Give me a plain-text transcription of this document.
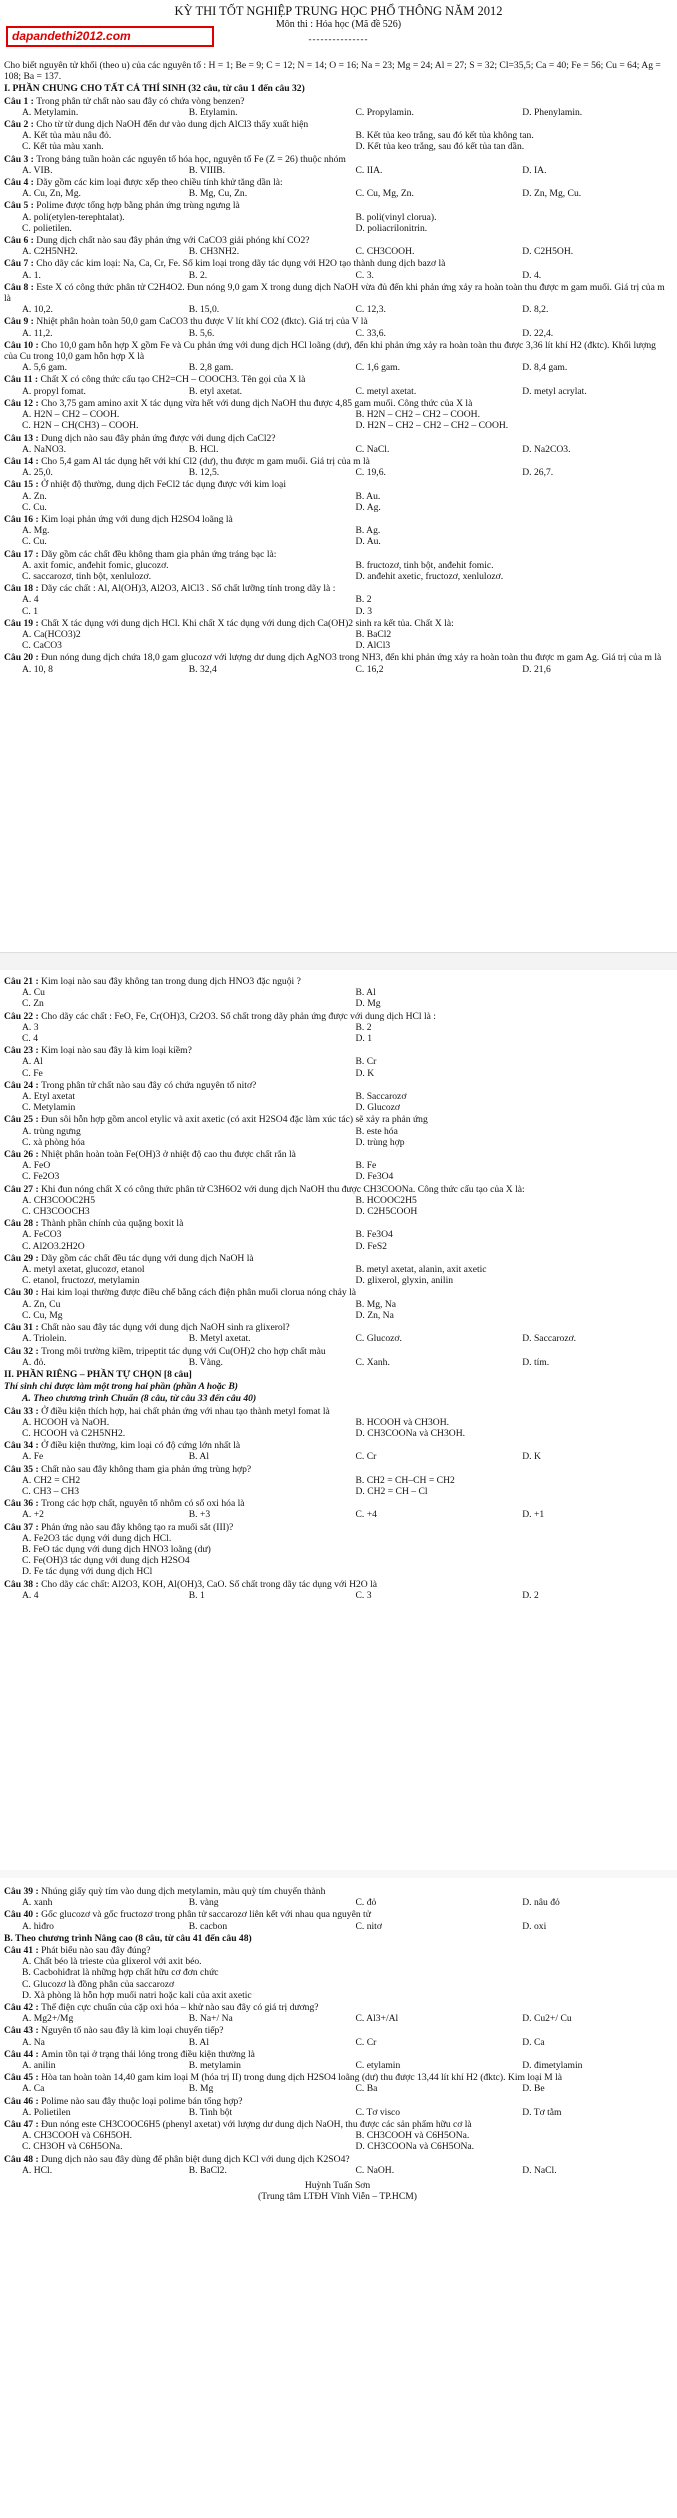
KỲ THI TỐT NGHIỆP TRUNG HỌC PHỔ THÔNG NĂM 2012
Môn thi : Hóa học (Mã đề 526)
---------------
dapandethi2012.com
Cho biết nguyên tử khối (theo u) của các nguyên tố : H = 1; Be = 9; C = 12; N = 14; O = 16; Na = 23; Mg = 24; Al = 27; S = 32; Cl=35,5; Ca = 40; Fe = 56; Cu = 64; Ag = 108; Ba = 137.
I. PHẦN CHUNG CHO TẤT CẢ THÍ SINH (32 câu, từ câu 1 đến câu 32)
Câu 1 : Trong phân tử chất nào sau đây có chứa vòng benzen?
A. Metylamin.	B. Etylamin.	C. Propylamin.	D. Phenylamin.
Câu 2 : Cho từ từ dung dịch NaOH đến dư vào dung dịch AlCl3 thấy xuất hiện
A. Kết tủa màu nâu đỏ.	B. Kết tủa keo trắng, sau đó kết tủa không tan.
C. Kết tủa màu xanh.	D. Kết tủa keo trắng, sau đó kết tủa tan dần.
Câu 3 : Trong bảng tuần hoàn các nguyên tố hóa học, nguyên tố Fe (Z = 26) thuộc nhóm
A. VIB.	B. VIIIB.	C. IIA.	D. IA.
Câu 4 : Dãy gồm các kim loại được xếp theo chiều tính khử tăng dần là:
A. Cu, Zn, Mg.	B. Mg, Cu, Zn.	C. Cu, Mg, Zn.	D. Zn, Mg, Cu.
Câu 5 : Polime được tổng hợp bằng phản ứng trùng ngưng là
A. poli(etylen-terephtalat).	B. poli(vinyl clorua).
C. polietilen.	D. poliacrilonitrin.
Câu 6 : Dung dịch chất nào sau đây phản ứng với CaCO3 giải phóng khí CO2?
A. C2H5NH2.	B. CH3NH2.	C. CH3COOH.	D. C2H5OH.
Câu 7 : Cho dãy các kim loại: Na, Ca, Cr, Fe. Số kim loại trong dãy tác dụng với H2O tạo thành dung dịch bazơ là
A. 1.	B. 2.	C. 3.	D. 4.
Câu 8 : Este X có công thức phân tử C2H4O2. Đun nóng 9,0 gam X trong dung dịch NaOH vừa đủ đến khi phản ứng xảy ra hoàn toàn thu được m gam muối. Giá trị của m là
A. 10,2.	B. 15,0.	C. 12,3.	D. 8,2.
Câu 9 : Nhiệt phân hoàn toàn 50,0 gam CaCO3 thu được V lít khí CO2 (đktc). Giá trị của V là
A. 11,2.	B. 5,6.	C. 33,6.	D. 22,4.
Câu 10 : Cho 10,0 gam hỗn hợp X gồm Fe và Cu phản ứng với dung dịch HCl loãng (dư), đến khi phản ứng xảy ra hoàn toàn thu được 3,36 lít khí H2 (đktc). Khối lượng của Cu trong 10,0 gam hỗn hợp X là
A. 5,6 gam.	B. 2,8 gam.	C. 1,6 gam.	D. 8,4 gam.
Câu 11 : Chất X có công thức cấu tạo CH2=CH – COOCH3. Tên gọi của X là
A. propyl fomat.	B. etyl axetat.	C. metyl axetat.	D. metyl acrylat.
Câu 12 : Cho 3,75 gam amino axit X tác dụng vừa hết với dung dịch NaOH thu được 4,85 gam muối. Công thức của X là
A. H2N – CH2 – COOH.	B. H2N – CH2 – CH2 – COOH.
C. H2N – CH(CH3) – COOH.	D. H2N – CH2 – CH2 – CH2 – COOH.
Câu 13 : Dung dịch nào sau đây phản ứng được với dung dịch CaCl2?
A. NaNO3.	B. HCl.	C. NaCl.	D. Na2CO3.
Câu 14 : Cho 5,4 gam Al tác dụng hết với khí Cl2 (dư), thu được m gam muối. Giá trị của m là
A. 25,0.	B. 12,5.	C. 19,6.	D. 26,7.
Câu 15 : Ở nhiệt độ thường, dung dịch FeCl2 tác dụng được với kim loại
A. Zn.	B. Au.
C. Cu.	D. Ag.
Câu 16 : Kim loại phản ứng với dung dịch H2SO4 loãng là
A. Mg.	B. Ag.
C. Cu.	D. Au.
Câu 17 : Dãy gồm các chất đều không tham gia phản ứng tráng bạc là:
A. axit fomic, anđehit fomic, glucozơ.	B. fructozơ, tinh bột, anđehit fomic.
C. saccarozơ, tinh bột, xenlulozơ.	D. anđehit axetic, fructozơ, xenlulozơ.
Câu 18 : Dãy các chất : Al, Al(OH)3, Al2O3, AlCl3 . Số chất lưỡng tính trong dãy là :
A. 4	B. 2
C. 1	D. 3
Câu 19 : Chất X tác dụng với dung dịch HCl. Khi chất X tác dụng với dung dịch Ca(OH)2 sinh ra kết tủa. Chất X là:
A. Ca(HCO3)2	B. BaCl2
C. CaCO3	D. AlCl3
Câu 20 : Đun nóng dung dịch chứa 18,0 gam glucozơ với lượng dư dung dịch AgNO3 trong NH3, đến khi phản ứng xảy ra hoàn toàn thu được m gam Ag. Giá trị của m là
A. 10, 8	B. 32,4	C. 16,2	D. 21,6
Câu 21 : Kim loại nào sau đây không tan trong dung dịch HNO3 đặc nguội ?
A. Cu	B. Al
C. Zn	D. Mg
Câu 22 : Cho dãy các chất : FeO, Fe, Cr(OH)3, Cr2O3. Số chất trong dãy phản ứng được với dung dịch HCl là :
A. 3	B. 2
C. 4	D. 1
Câu 23 : Kim loại nào sau đây là kim loại kiềm?
A. Al	B. Cr
C. Fe	D. K
Câu 24 : Trong phân tử chất nào sau đây có chứa nguyên tố nitơ?
A. Etyl axetat	B. Saccarozơ
C. Metylamin	D. Glucozơ
Câu 25 : Đun sôi hỗn hợp gồm ancol etylic và axit axetic (có axit H2SO4 đặc làm xúc tác) sẽ xảy ra phản ứng
A. trùng ngưng	B. este hóa
C. xà phòng hóa	D. trùng hợp
Câu 26 : Nhiệt phân hoàn toàn Fe(OH)3 ở nhiệt độ cao thu được chất rắn là
A. FeO	B. Fe
C. Fe2O3	D. Fe3O4
Câu 27 : Khi đun nóng chất X có công thức phân tử C3H6O2 với dung dịch NaOH thu được CH3COONa. Công thức cấu tạo của X là:
A. CH3COOC2H5	B. HCOOC2H5
C. CH3COOCH3	D. C2H5COOH
Câu 28 : Thành phần chính của quặng boxit là
A. FeCO3	B. Fe3O4
C. Al2O3.2H2O	D. FeS2
Câu 29 : Dãy gồm các chất đều tác dụng với dung dịch NaOH là
A. metyl axetat, glucozơ, etanol	B. metyl axetat, alanin, axit axetic
C. etanol, fructozơ, metylamin	D. glixerol, glyxin, anilin
Câu 30 : Hai kim loại thường được điều chế bằng cách điện phân muối clorua nóng chảy là
A. Zn, Cu	B. Mg, Na
C. Cu, Mg	D. Zn, Na
Câu 31 : Chất nào sau đây tác dụng với dung dịch NaOH sinh ra glixerol?
A. Triolein.	B. Metyl axetat.	C. Glucozơ.	D. Saccarozơ.
Câu 32 : Trong môi trường kiềm, tripeptit tác dụng với Cu(OH)2 cho hợp chất màu
A. đỏ.	B. Vàng.	C. Xanh.	D. tím.
II. PHẦN RIÊNG – PHẦN TỰ CHỌN [8 câu]
Thí sinh chỉ được làm một trong hai phần (phần A hoặc B)
A. Theo chương trình Chuẩn (8 câu, từ câu 33 đến câu 40)
Câu 33 : Ở điều kiện thích hợp, hai chất phản ứng với nhau tạo thành metyl fomat là
A. HCOOH và NaOH.	B. HCOOH và CH3OH.
C. HCOOH và C2H5NH2.	D. CH3COONa và CH3OH.
Câu 34 : Ở điều kiện thường, kim loại có độ cứng lớn nhất là
A. Fe	B. Al	C. Cr	D. K
Câu 35 : Chất nào sau đây không tham gia phản ứng trùng hợp?
A. CH2 = CH2	B. CH2 = CH–CH = CH2
C. CH3 – CH3	D. CH2 = CH – Cl
Câu 36 : Trong các hợp chất, nguyên tố nhôm có số oxi hóa là
A. +2	B. +3	C. +4	D. +1
Câu 37 : Phản ứng nào sau đây không tạo ra muối sắt (III)?
A. Fe2O3 tác dụng với dung dịch HCl.
B. FeO tác dụng với dung dịch HNO3 loãng (dư)
C. Fe(OH)3 tác dụng với dung dịch H2SO4
D. Fe tác dụng với dung dịch HCl
Câu 38 : Cho dãy các chất: Al2O3, KOH, Al(OH)3, CaO. Số chất trong dãy tác dụng với H2O là
A. 4	B. 1	C. 3	D. 2
Câu 39 : Nhúng giấy quỳ tím vào dung dịch metylamin, màu quỳ tím chuyển thành
A. xanh	B. vàng	C. đỏ	D. nâu đỏ
Câu 40 : Gốc glucozơ và gốc fructozơ trong phân tử saccarozơ liên kết với nhau qua nguyên tử
A. hiđro	B. cacbon	C. nitơ	D. oxi
B. Theo chương trình Nâng cao (8 câu, từ câu 41 đến câu 48)
Câu 41 : Phát biểu nào sau đây đúng?
A. Chất béo là trieste của glixerol với axit béo.
B. Cacbohiđrat là những hợp chất hữu cơ đơn chức
C. Glucozơ là đồng phân của saccarozơ
D. Xà phòng là hỗn hợp muối natri hoặc kali của axit axetic
Câu 42 : Thế điện cực chuẩn của cặp oxi hóa – khử nào sau đây có giá trị dương?
A. Mg2+/Mg	B. Na+/ Na	C. Al3+/Al	D. Cu2+/ Cu
Câu 43 : Nguyên tố nào sau đây là kim loại chuyển tiếp?
A. Na	B. Al	C. Cr	D. Ca
Câu 44 : Amin tồn tại ở trạng thái lỏng trong điều kiện thường là
A. anilin	B. metylamin	C. etylamin	D. đimetylamin
Câu 45 : Hòa tan hoàn toàn 14,40 gam kim loại M (hóa trị II) trong dung dịch H2SO4 loãng (dư) thu được 13,44 lít khí H2 (đktc). Kim loại M là
A. Ca	B. Mg	C. Ba	D. Be
Câu 46 : Polime nào sau đây thuộc loại polime bán tổng hợp?
A. Polietilen	B. Tinh bột	C. Tơ visco	D. Tơ tằm
Câu 47 : Đun nóng este CH3COOC6H5 (phenyl axetat) với lượng dư dung dịch NaOH, thu được các sản phẩm hữu cơ là
A. CH3COOH và C6H5OH.	B. CH3COOH và C6H5ONa.
C. CH3OH và C6H5ONa.	D. CH3COONa và C6H5ONa.
Câu 48 : Dung dịch nào sau đây dùng để phân biệt dung dịch KCl với dung dịch K2SO4?
A. HCl.	B. BaCl2.	C. NaOH.	D. NaCl.
Huỳnh Tuấn Sơn
(Trung tâm LTĐH Vĩnh Viễn – TP.HCM)
